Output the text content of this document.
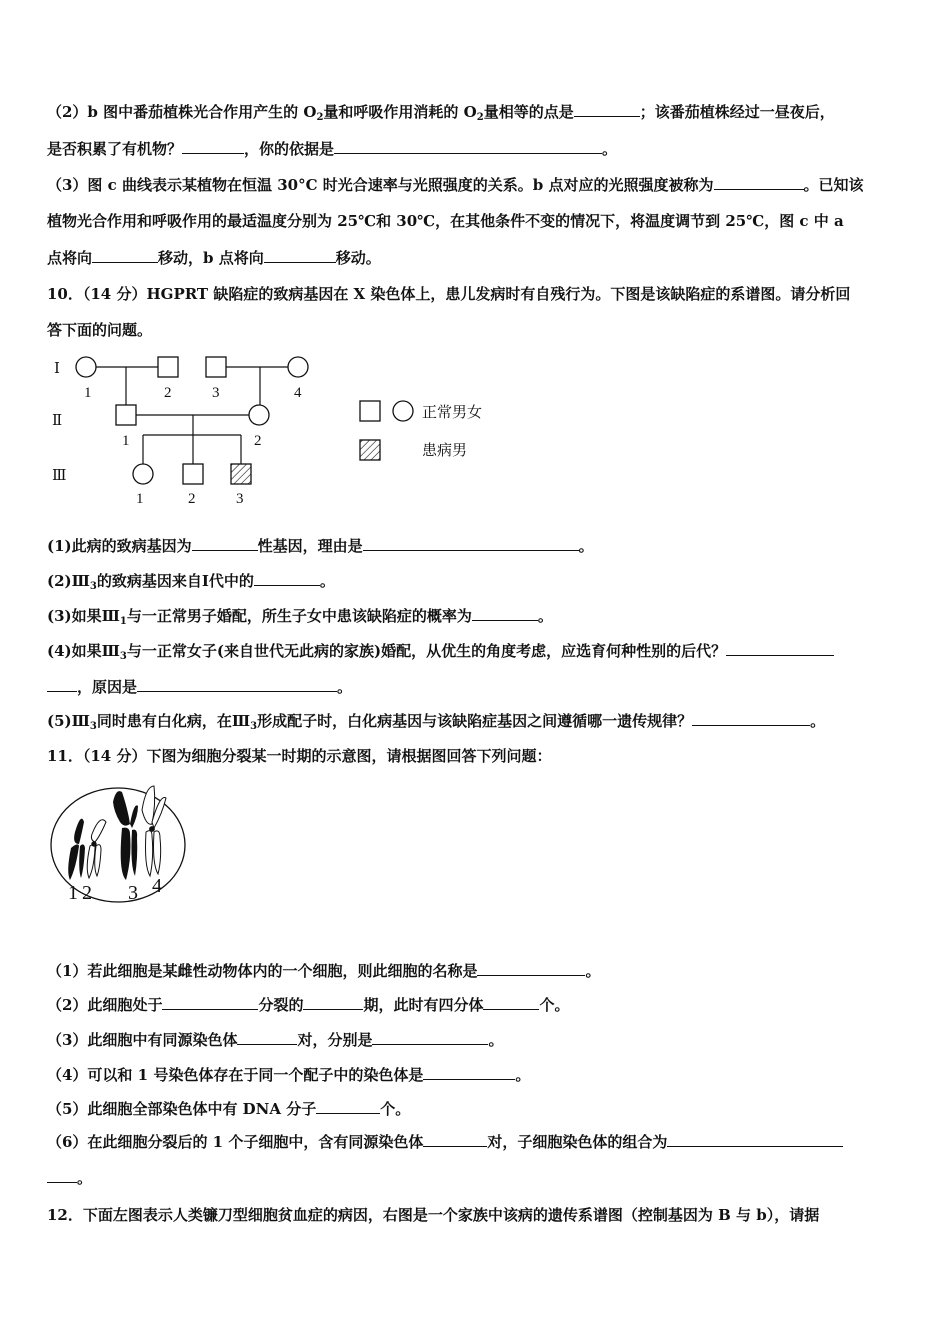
（2）b 图中番茄植株光合作用产生的 $O_2$量和呼吸作用消耗的 $O_2$量相等的点是	；该番茄植株经过一昼夜后，
是否积累了有机物？	，你的依据是	。
（3）图 c 曲线表示某植物在恒温 30°C 时光合速率与光照强度的关系。b 点对应的光照强度被称为	。已知该
植物光合作用和呼吸作用的最适温度分别为 25℃和 30℃，在其他条件不变的情况下，将温度调节到 25℃，图 c 中 a
点将向	移动，b 点将向	移动。
10．（14 分）HGPRT 缺陷症的致病基因在 X 染色体上，患儿发病时有自残行为。下图是该缺陷症的系谱图。请分析回
答下面的问题。
Ⅰ
Ⅱ
Ⅲ
1	2	3	4
1	2
1	2	3
正常男女
患病男
(1)此病的致病基因为	性基因，理由是	。
$(2)Ⅲ_3$的致病基因来自Ⅰ代中的	。
(3)如果$Ⅲ_1$与一正常男子婚配，所生子女中患该缺陷症的概率为	。
(4)如果$Ⅲ_3$与一正常女子(来自世代无此病的家族)婚配，从优生的角度考虑，应选育何种性别的后代？
，原因是	。
$(5)Ⅲ_3$同时患有白化病，在$Ⅲ_3$形成配子时，白化病基因与该缺陷症基因之间遵循哪一遗传规律？	。
11．（14 分）下图为细胞分裂某一时期的示意图，请根据图回答下列问题：
1 2 3 4
（1）若此细胞是某雌性动物体内的一个细胞，则此细胞的名称是	。
（2）此细胞处于	分裂的	期，此时有四分体	个。
（3）此细胞中有同源染色体	对，分别是	。
（4）可以和 1 号染色体存在于同一个配子中的染色体是	。
（5）此细胞全部染色体中有 DNA 分子	个。
（6）在此细胞分裂后的 1 个子细胞中，含有同源染色体	对，子细胞染色体的组合为
。
12．下面左图表示人类镰刀型细胞贫血症的病因，右图是一个家族中该病的遗传系谱图（控制基因为 B 与 b），请据
